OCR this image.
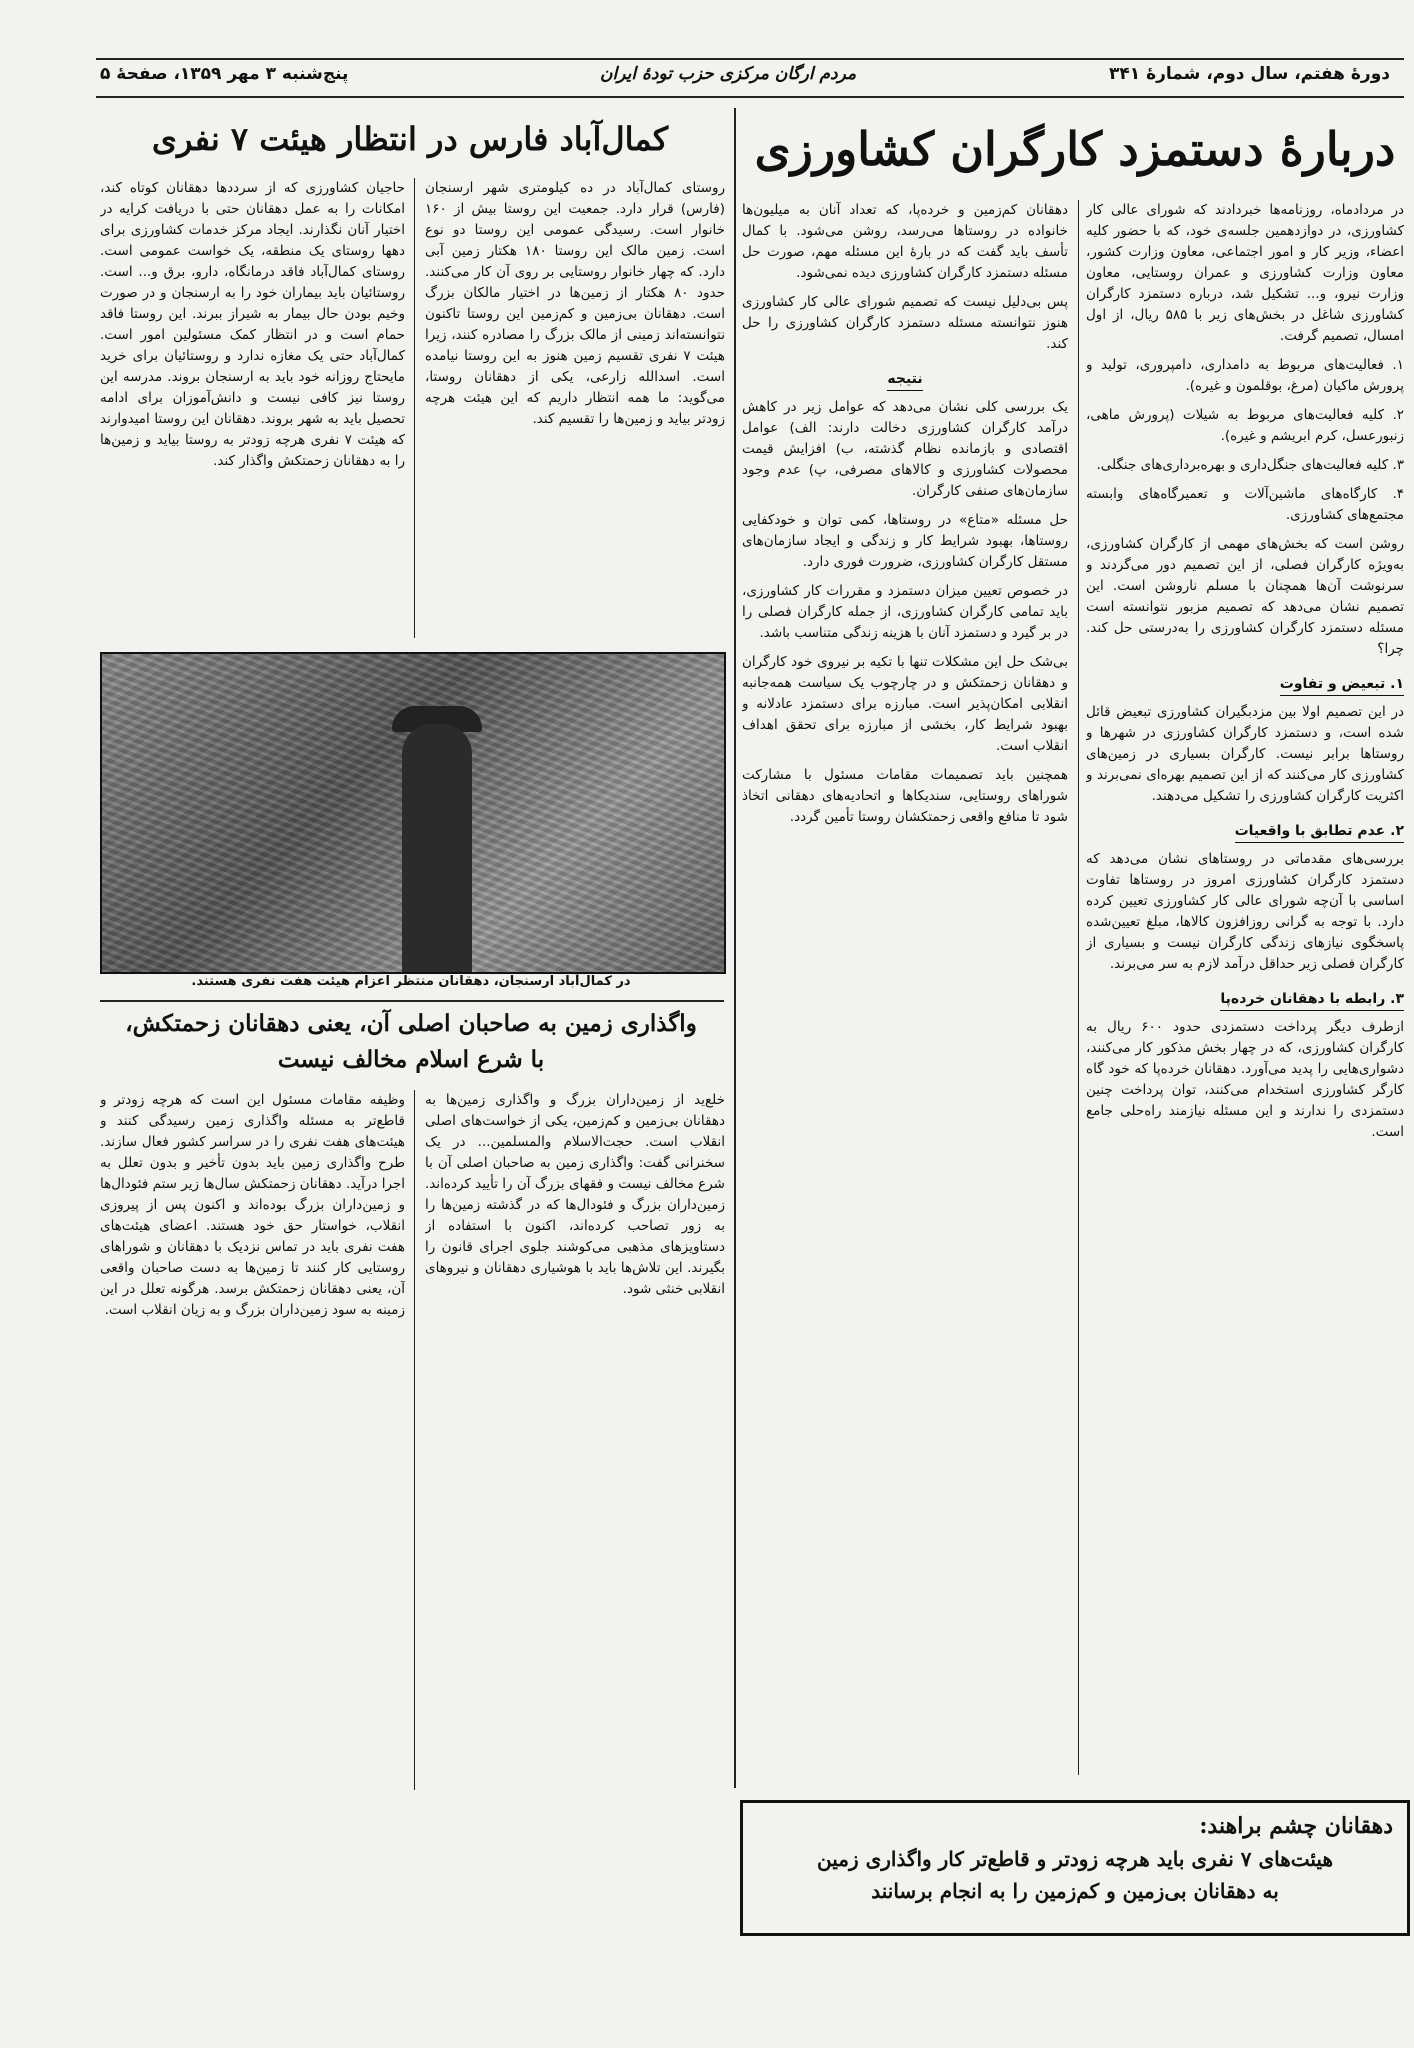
دورهٔ هفتم، سال دوم، شمارهٔ ۳۴۱
مردم ارگان مرکزی حزب تودهٔ ایران
پنج‌شنبه ۳ مهر ۱۳۵۹، صفحهٔ ۵
دربارهٔ دستمزد کارگران کشاورزی

در مردادماه، روزنامه‌ها خبردادند که شورای عالی کار کشاورزی، در دوازدهمین جلسه‌ی خود، که با حضور کلیه اعضاء، وزیر کار و امور اجتماعی، معاون وزارت کشور، معاون وزارت کشاورزی و عمران روستایی، معاون وزارت نیرو، و... تشکیل شد، درباره دستمزد کارگران کشاورزی شاغل در بخش‌های زیر با ۵۸۵ ریال، از اول امسال، تصمیم گرفت.

۱. فعالیت‌های مربوط به دامداری، دامپروری، تولید و پرورش ماکیان (مرغ، بوقلمون و غیره).

۲. کلیه فعالیت‌های مربوط به شیلات (پرورش ماهی، زنبورعسل، کرم ابریشم و غیره).

۳. کلیه فعالیت‌های جنگل‌داری و بهره‌برداری‌های جنگلی.

۴. کارگاه‌های ماشین‌آلات و تعمیرگاه‌های وابسته مجتمع‌های کشاورزی.

روشن است که بخش‌های مهمی از کارگران کشاورزی، به‌ویژه کارگران فصلی، از این تصمیم دور می‌گردند و سرنوشت آن‌ها همچنان با مسلم ناروشن است. این تصمیم نشان می‌دهد که تصمیم مزبور نتوانسته است مسئله دستمزد کارگران کشاورزی را به‌درستی حل کند. چرا؟

۱. تبعیض و تفاوت

در این تصمیم اولا بین مزدبگیران کشاورزی تبعیض قائل شده است، و دستمزد کارگران کشاورزی در شهرها و روستاها برابر نیست. کارگران بسیاری در زمین‌های کشاورزی کار می‌کنند که از این تصمیم بهره‌ای نمی‌برند و اکثریت کارگران کشاورزی را تشکیل می‌دهند.

۲. عدم تطابق با واقعیات

بررسی‌های مقدماتی در روستاهای نشان می‌دهد که دستمزد کارگران کشاورزی امروز در روستاها تفاوت اساسی با آن‌چه شورای عالی کار کشاورزی تعیین کرده دارد. با توجه به گرانی روزافزون کالاها، مبلغ تعیین‌شده پاسخگوی نیازهای زندگی کارگران نیست و بسیاری از کارگران فصلی زیر حداقل درآمد لازم به سر می‌برند.

۳. رابطه با دهقانان خرده‌پا

ازطرف دیگر پرداخت دستمزدی حدود ۶۰۰ ریال به کارگران کشاورزی، که در چهار بخش مذکور کار می‌کنند، دشواری‌هایی را پدید می‌آورد. دهقانان خرده‌پا که خود گاه کارگر کشاورزی استخدام می‌کنند، توان پرداخت چنین دستمزدی را ندارند و این مسئله نیازمند راه‌حلی جامع است.

دهقانان کم‌زمین و خرده‌پا، که تعداد آنان به میلیون‌ها خانواده در روستاها می‌رسد، روشن می‌شود. با کمال تأسف باید گفت که در بارهٔ این مسئله مهم، صورت حل مسئله دستمزد کارگران کشاورزی دیده نمی‌شود.

پس بی‌دلیل نیست که تصمیم شورای عالی کار کشاورزی هنوز نتوانسته مسئله دستمزد کارگران کشاورزی را حل کند.

نتیجه

یک بررسی کلی نشان می‌دهد که عوامل زیر در کاهش درآمد کارگران کشاورزی دخالت دارند: الف) عوامل اقتصادی و بازمانده نظام گذشته، ب) افزایش قیمت محصولات کشاورزی و کالاهای مصرفی، پ) عدم وجود سازمان‌های صنفی کارگران.

حل مسئله «متاع» در روستاها، کمی توان و خودکفایی روستاها، بهبود شرایط کار و زندگی و ایجاد سازمان‌های مستقل کارگران کشاورزی، ضرورت فوری دارد.

در خصوص تعیین میزان دستمزد و مقررات کار کشاورزی، باید تمامی کارگران کشاورزی، از جمله کارگران فصلی را در بر گیرد و دستمزد آنان با هزینه زندگی متناسب باشد.

بی‌شک حل این مشکلات تنها با تکیه بر نیروی خود کارگران و دهقانان زحمتکش و در چارچوب یک سیاست همه‌جانبه انقلابی امکان‌پذیر است. مبارزه برای دستمزد عادلانه و بهبود شرایط کار، بخشی از مبارزه برای تحقق اهداف انقلاب است.

همچنین باید تصمیمات مقامات مسئول با مشارکت شوراهای روستایی، سندیکاها و اتحادیه‌های دهقانی اتخاذ شود تا منافع واقعی زحمتکشان روستا تأمین گردد.

کمال‌آباد فارس در انتظار هیئت ۷ نفری
روستای کمال‌آباد در ده کیلومتری شهر ارسنجان (فارس) قرار دارد. جمعیت این روستا بیش از ۱۶۰ خانوار است. رسیدگی عمومی این روستا دو نوع است. زمین مالک این روستا ۱۸۰ هکتار زمین آبی دارد. که چهار خانوار روستایی بر روی آن کار می‌کنند. حدود ۸۰ هکتار از زمین‌ها در اختیار مالکان بزرگ است. دهقانان بی‌زمین و کم‌زمین این روستا تاکنون نتوانسته‌اند زمینی از مالک بزرگ را مصادره کنند، زیرا هیئت ۷ نفری تقسیم زمین هنوز به این روستا نیامده است. اسدالله زارعی، یکی از دهقانان روستا، می‌گوید: ما همه انتظار داریم که این هیئت هرچه زودتر بیاید و زمین‌ها را تقسیم کند.
حاجیان کشاورزی که از سرددها دهقانان کوتاه کند، امکانات را به عمل دهقانان حتی با دریافت کرایه در اختیار آنان نگذارند. ایجاد مرکز خدمات کشاورزی برای دهها روستای یک منطقه، یک خواست عمومی است. روستای کمال‌آباد فاقد درمانگاه، دارو، برق و... است. روستائیان باید بیماران خود را به ارسنجان و در صورت وخیم بودن حال بیمار به شیراز ببرند. این روستا فاقد حمام است و در انتظار کمک مسئولین امور است. کمال‌آباد حتی یک مغازه ندارد و روستائیان برای خرید مایحتاج روزانه خود باید به ارسنجان بروند. مدرسه این روستا نیز کافی نیست و دانش‌آموزان برای ادامه تحصیل باید به شهر بروند. دهقانان این روستا امیدوارند که هیئت ۷ نفری هرچه زودتر به روستا بیاید و زمین‌ها را به دهقانان زحمتکش واگذار کند.
در کمال‌آباد ارسنجان، دهقانان منتظر اعزام هیئت هفت نفری هستند.
واگذاری زمین به صاحبان اصلی آن، یعنی دهقانان زحمتکش،
با شرع اسلام مخالف نیست
خلع‌ید از زمین‌داران بزرگ و واگذاری زمین‌ها به دهقانان بی‌زمین و کم‌زمین، یکی از خواست‌های اصلی انقلاب است. حجت‌الاسلام والمسلمین... در یک سخنرانی گفت: واگذاری زمین به صاحبان اصلی آن با شرع مخالف نیست و فقهای بزرگ آن را تأیید کرده‌اند. زمین‌داران بزرگ و فئودال‌ها که در گذشته زمین‌ها را به زور تصاحب کرده‌اند، اکنون با استفاده از دستاویزهای مذهبی می‌کوشند جلوی اجرای قانون را بگیرند. این تلاش‌ها باید با هوشیاری دهقانان و نیروهای انقلابی خنثی شود.
وظیفه مقامات مسئول این است که هرچه زودتر و قاطع‌تر به مسئله واگذاری زمین رسیدگی کنند و هیئت‌های هفت نفری را در سراسر کشور فعال سازند. طرح واگذاری زمین باید بدون تأخیر و بدون تعلل به اجرا درآید. دهقانان زحمتکش سال‌ها زیر ستم فئودال‌ها و زمین‌داران بزرگ بوده‌اند و اکنون پس از پیروزی انقلاب، خواستار حق خود هستند. اعضای هیئت‌های هفت نفری باید در تماس نزدیک با دهقانان و شوراهای روستایی کار کنند تا زمین‌ها به دست صاحبان واقعی آن، یعنی دهقانان زحمتکش برسد. هرگونه تعلل در این زمینه به سود زمین‌داران بزرگ و به زیان انقلاب است.
دهقانان چشم براهند:
هیئت‌های ۷ نفری باید هرچه زودتر و قاطع‌تر کار واگذاری زمین
به دهقانان بی‌زمین و کم‌زمین را به انجام برسانند
